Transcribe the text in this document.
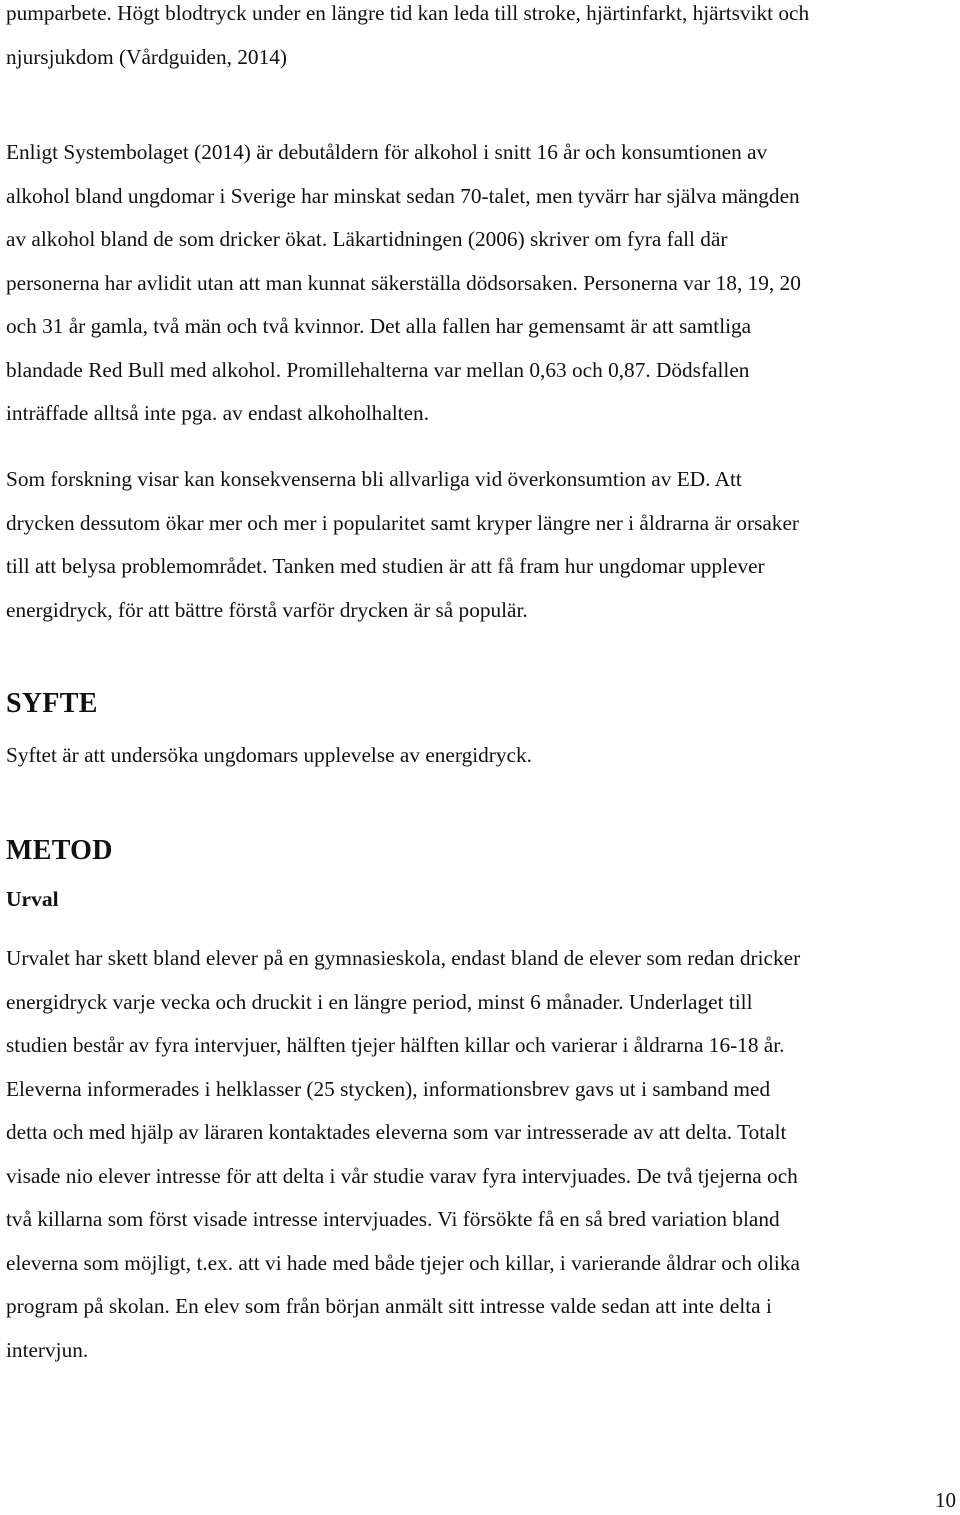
pumparbete. Högt blodtryck under en längre tid kan leda till stroke, hjärtinfarkt, hjärtsvikt och
njursjukdom (Vårdguiden, 2014)

Enligt Systembolaget (2014) är debutåldern för alkohol i snitt 16 år och konsumtionen av
alkohol bland ungdomar i Sverige har minskat sedan 70-talet, men tyvärr har själva mängden
av alkohol bland de som dricker ökat. Läkartidningen (2006) skriver om fyra fall där
personerna har avlidit utan att man kunnat säkerställa dödsorsaken. Personerna var 18, 19, 20
och 31 år gamla, två män och två kvinnor. Det alla fallen har gemensamt är att samtliga
blandade Red Bull med alkohol. Promillehalterna var mellan 0,63 och 0,87. Dödsfallen
inträffade alltså inte pga. av endast alkoholhalten.

Som forskning visar kan konsekvenserna bli allvarliga vid överkonsumtion av ED. Att
drycken dessutom ökar mer och mer i popularitet samt kryper längre ner i åldrarna är orsaker
till att belysa problemområdet. Tanken med studien är att få fram hur ungdomar upplever
energidryck, för att bättre förstå varför drycken är så populär.

SYFTE

Syftet är att undersöka ungdomars upplevelse av energidryck.

METOD
Urval

Urvalet har skett bland elever på en gymnasieskola, endast bland de elever som redan dricker
energidryck varje vecka och druckit i en längre period, minst 6 månader. Underlaget till
studien består av fyra intervjuer, hälften tjejer hälften killar och varierar i åldrarna 16-18 år.
Eleverna informerades i helklasser (25 stycken), informationsbrev gavs ut i samband med
detta och med hjälp av läraren kontaktades eleverna som var intresserade av att delta. Totalt
visade nio elever intresse för att delta i vår studie varav fyra intervjuades. De två tjejerna och
två killarna som först visade intresse intervjuades. Vi försökte få en så bred variation bland
eleverna som möjligt, t.ex. att vi hade med både tjejer och killar, i varierande åldrar och olika
program på skolan. En elev som från början anmält sitt intresse valde sedan att inte delta i
intervjun.

10
